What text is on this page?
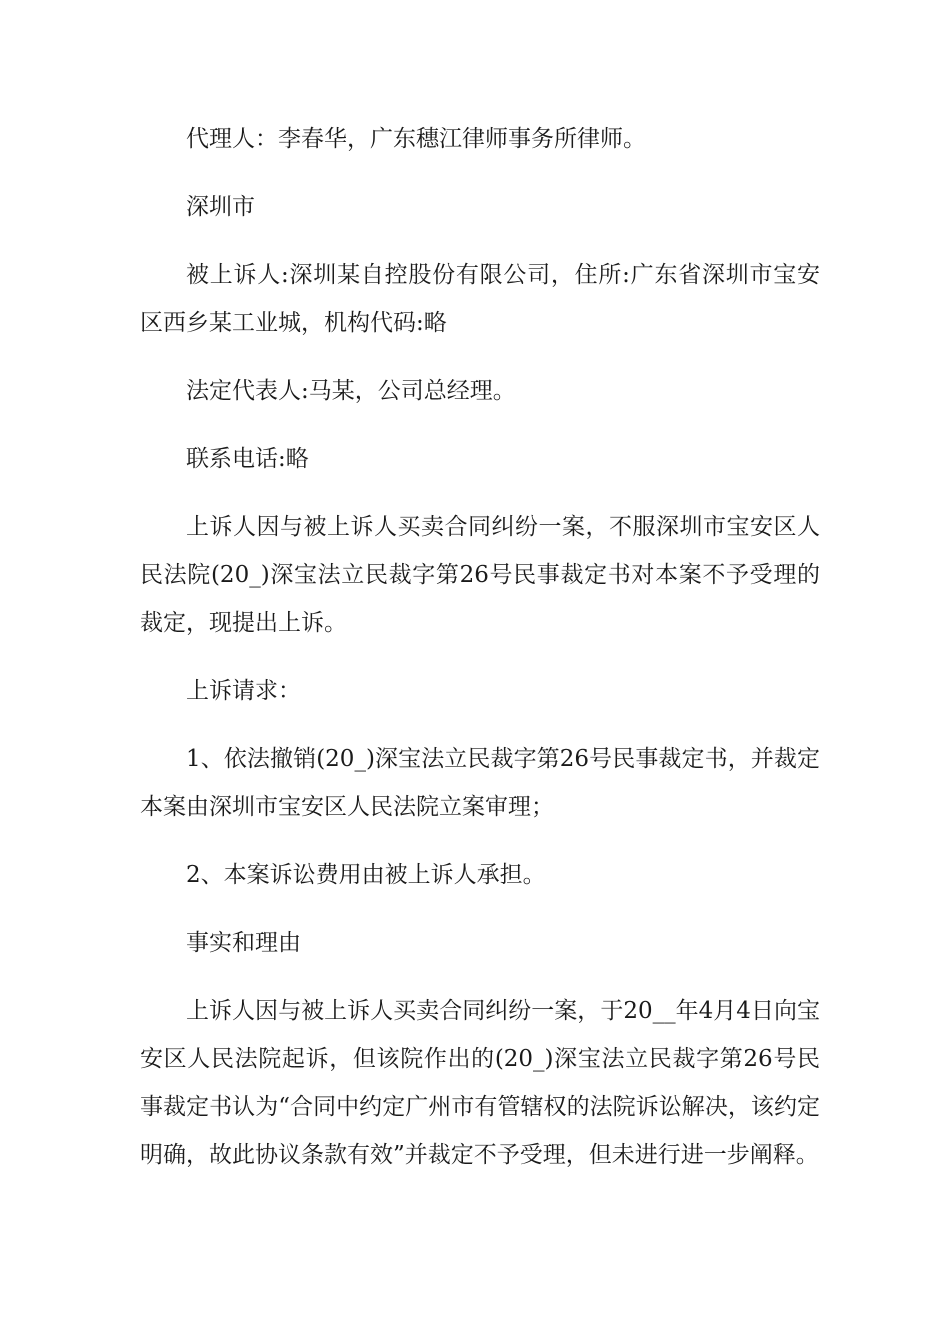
代理人：李春华，广东穗江律师事务所律师。

深圳市

被上诉人:深圳某自控股份有限公司，住所:广东省深圳市宝安区西乡某工业城，机构代码:略

法定代表人:马某，公司总经理。

联系电话:略

上诉人因与被上诉人买卖合同纠纷一案，不服深圳市宝安区人民法院(20_)深宝法立民裁字第26号民事裁定书对本案不予受理的裁定，现提出上诉。

上诉请求：

1、依法撤销(20_)深宝法立民裁字第26号民事裁定书，并裁定本案由深圳市宝安区人民法院立案审理；

2、本案诉讼费用由被上诉人承担。

事实和理由

上诉人因与被上诉人买卖合同纠纷一案，于20__年4月4日向宝安区人民法院起诉，但该院作出的(20_)深宝法立民裁字第26号民事裁定书认为“合同中约定广州市有管辖权的法院诉讼解决，该约定明确，故此协议条款有效”并裁定不予受理，但未进行进一步阐释。
